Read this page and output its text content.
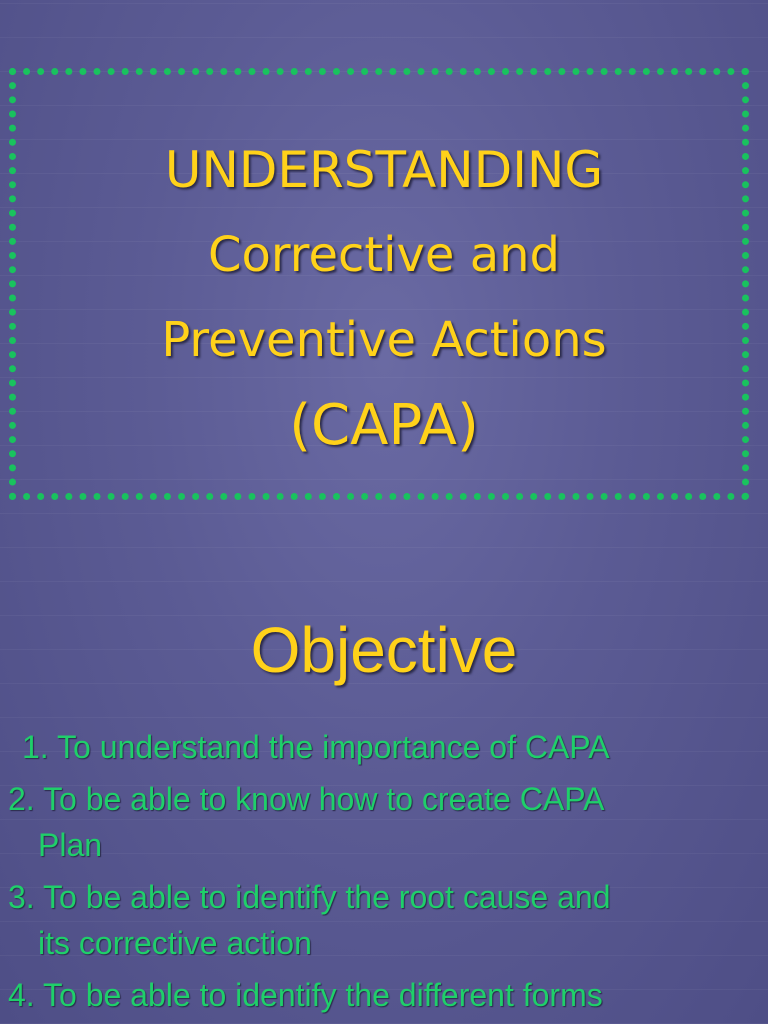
UNDERSTANDING
Corrective and
Preventive Actions
(CAPA)
Objective
1. To understand the importance of CAPA
2. To be able to know how to create CAPA
Plan
3. To be able to identify the root cause and
its corrective action
4. To be able to identify the different forms
